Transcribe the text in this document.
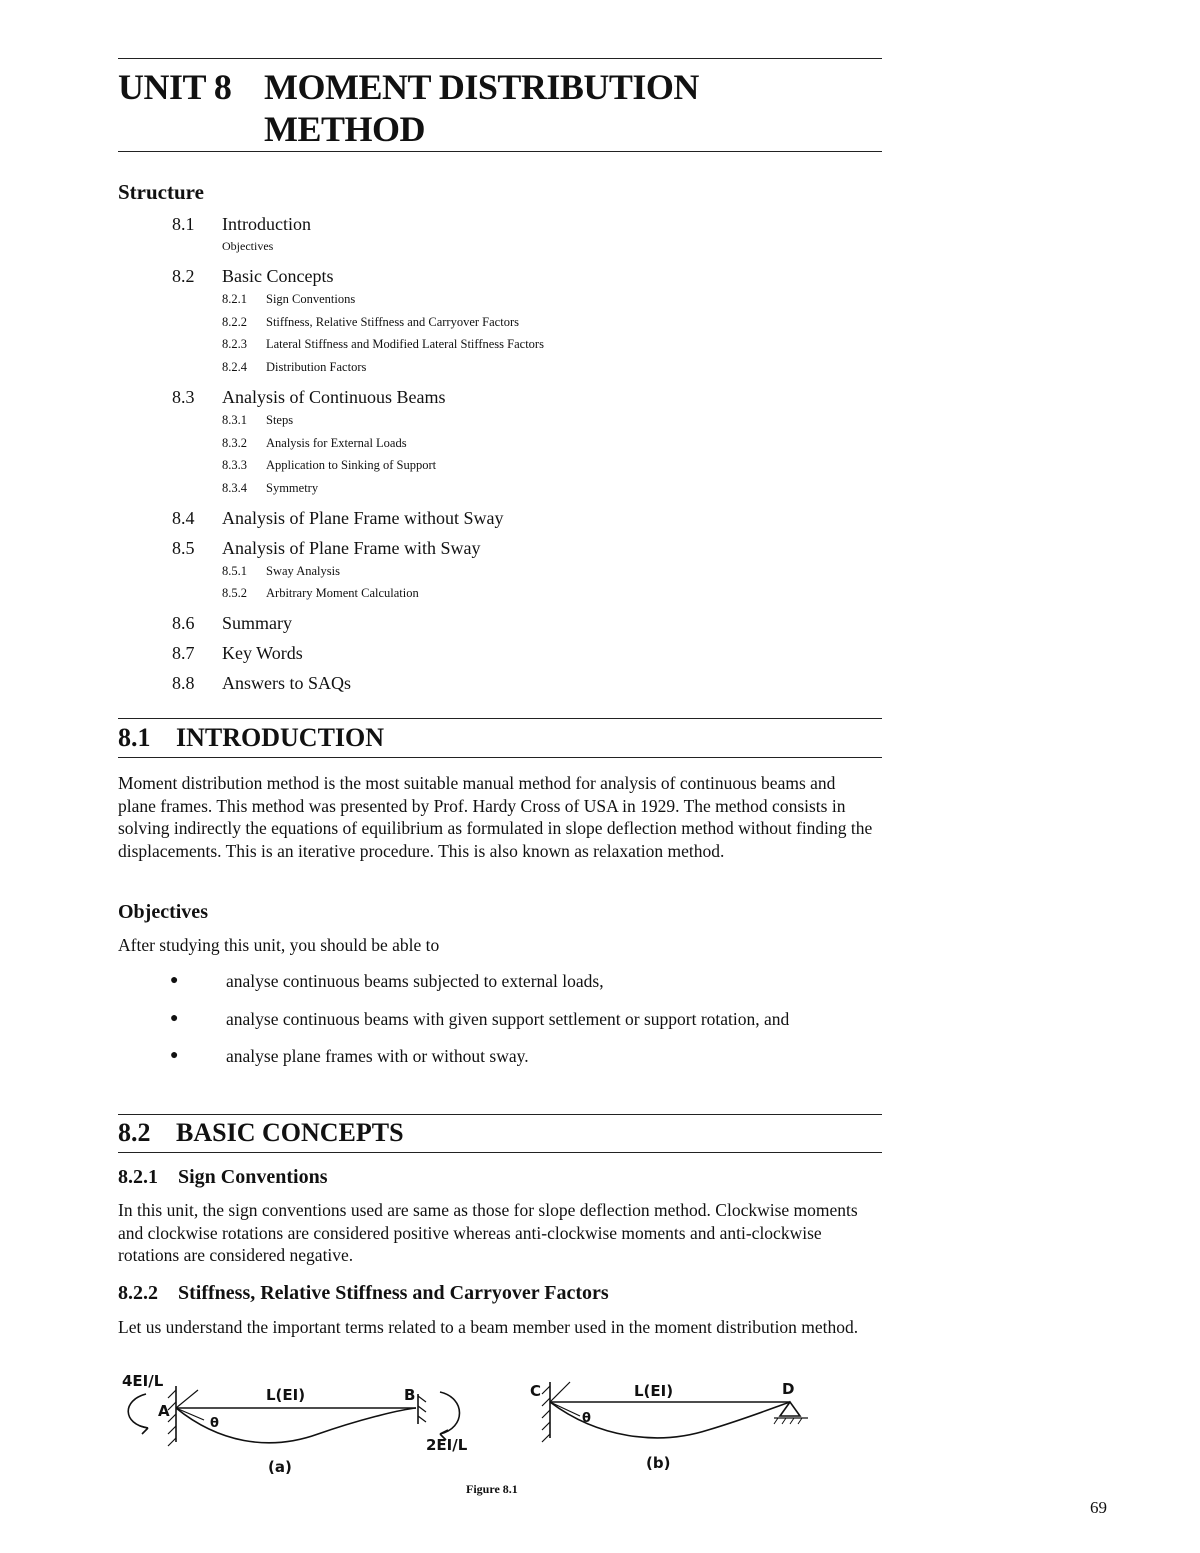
UNIT 8 MOMENT DISTRIBUTION METHOD
Structure
8.1	Introduction
Objectives
8.2	Basic Concepts
8.2.1	Sign Conventions
8.2.2	Stiffness, Relative Stiffness and Carryover Factors
8.2.3	Lateral Stiffness and Modified Lateral Stiffness Factors
8.2.4	Distribution Factors
8.3	Analysis of Continuous Beams
8.3.1	Steps
8.3.2	Analysis for External Loads
8.3.3	Application to Sinking of Support
8.3.4	Symmetry
8.4	Analysis of Plane Frame without Sway
8.5	Analysis of Plane Frame with Sway
8.5.1	Sway Analysis
8.5.2	Arbitrary Moment Calculation
8.6	Summary
8.7	Key Words
8.8	Answers to SAQs
8.1 INTRODUCTION
Moment distribution method is the most suitable manual method for analysis of continuous beams and plane frames. This method was presented by Prof. Hardy Cross of USA in 1929. The method consists in solving indirectly the equations of equilibrium as formulated in slope deflection method without finding the displacements. This is an iterative procedure. This is also known as relaxation method.
Objectives
After studying this unit, you should be able to
●	analyse continuous beams subjected to external loads,
●	analyse continuous beams with given support settlement or support rotation, and
●	analyse plane frames with or without sway.
8.2 BASIC CONCEPTS
8.2.1 Sign Conventions
In this unit, the sign conventions used are same as those for slope deflection method. Clockwise moments and clockwise rotations are considered positive whereas anti-clockwise moments and anti-clockwise rotations are considered negative.
8.2.2 Stiffness, Relative Stiffness and Carryover Factors
Let us understand the important terms related to a beam member used in the moment distribution method.
4EI/L
A
θ
L(EI)	B
2EI/L
(a)
C
θ
L(EI)	D
(b)
Figure 8.1
69
